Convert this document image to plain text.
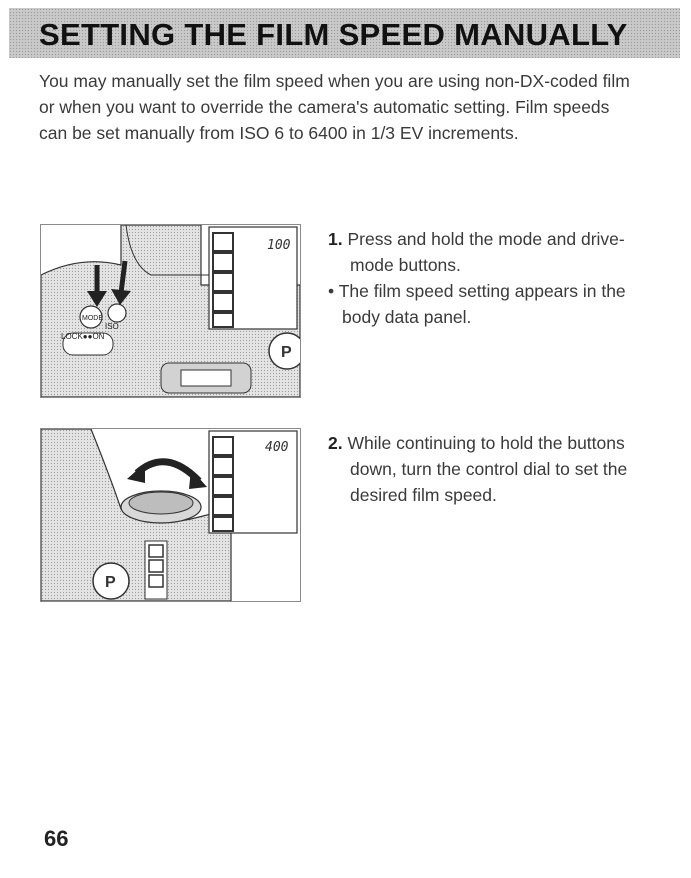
SETTING THE FILM SPEED MANUALLY
You may manually set the film speed when you are using non-DX-coded film
or when you want to override the camera's automatic setting. Film speeds
can be set manually from ISO 6 to 6400 in 1/3 EV increments.
MODE
ISO
LOCK●●ON
P
100
P
400
1. Press and hold the mode and drive-
mode buttons.
• The film speed setting appears in the
body data panel.
2. While continuing to hold the buttons
down, turn the control dial to set the
desired film speed.
66
